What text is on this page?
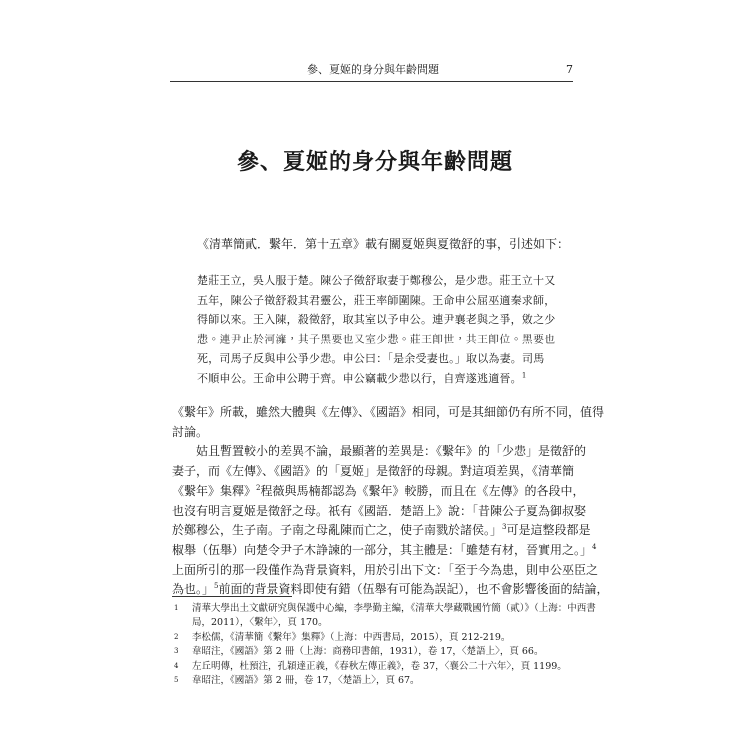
參、夏姬的身分與年齡問題	7
參、夏姬的身分與年齡問題
《清華簡貳．繫年．第十五章》載有關夏姬與夏徵舒的事，引述如下：
楚莊王立，吳人服于楚。陳公子徵舒取妻于鄭穆公，是少𢘍。莊王立十又
五年，陳公子徵舒殺其君靈公，莊王率師圍陳。王命申公屈巫適秦求師，
得師以來。王入陳，殺徵舒，取其室以予申公。連尹襄老與之爭，敓之少
𢘍。連尹止於河澭，其子黑要也又室少𢘍。莊王即世，共王即位。黑要也
死，司馬子反與申公爭少𢘍。申公曰：「是余受妻也。」取以為妻。司馬
不順申公。王命申公聘于齊。申公竊載少𢘍以行，自齊遂逃適晉。$^1$
《繫年》所載，雖然大體與《左傳》、《國語》相同，可是其細節仍有所不同，值得
討論。
　　姑且暫置較小的差異不論，最顯著的差異是：《繫年》的「少𢘍」是徵舒的
妻子，而《左傳》、《國語》的「夏姬」是徵舒的母親。對這項差異，《清華簡
《繫年》集釋》$^2$程薇與馬楠都認為《繫年》較勝，而且在《左傳》的各段中，
也沒有明言夏姬是徵舒之母。祇有《國語．楚語上》說：「昔陳公子夏為御叔娶
於鄭穆公，生子南。子南之母亂陳而亡之，使子南戮於諸侯。」$^3$可是這整段都是
椒舉（伍舉）向楚令尹子木諍諫的一部分，其主體是：「雖楚有材，晉實用之。」$^4$
上面所引的那一段僅作為背景資料，用於引出下文：「至于今為患，則申公巫臣之
為也。」$^5$前面的背景資料即使有錯（伍舉有可能為誤記），也不會影響後面的結論，
1 清華大學出土文獻研究與保護中心編，李學勤主編，《清華大學藏戰國竹簡（貳）》（上海：中西書
局，2011），〈繫年〉，頁 170。
2 李松儒，《清華簡《繫年》集釋》（上海：中西書局，2015），頁 212-219。
3 韋昭注，《國語》第 2 冊（上海：商務印書館，1931），卷 17，〈楚語上〉，頁 66。
4 左丘明傳，杜預注，孔穎達正義，《春秋左傳正義》，卷 37，〈襄公二十六年〉，頁 1199。
5 韋昭注，《國語》第 2 冊，卷 17，〈楚語上〉，頁 67。
